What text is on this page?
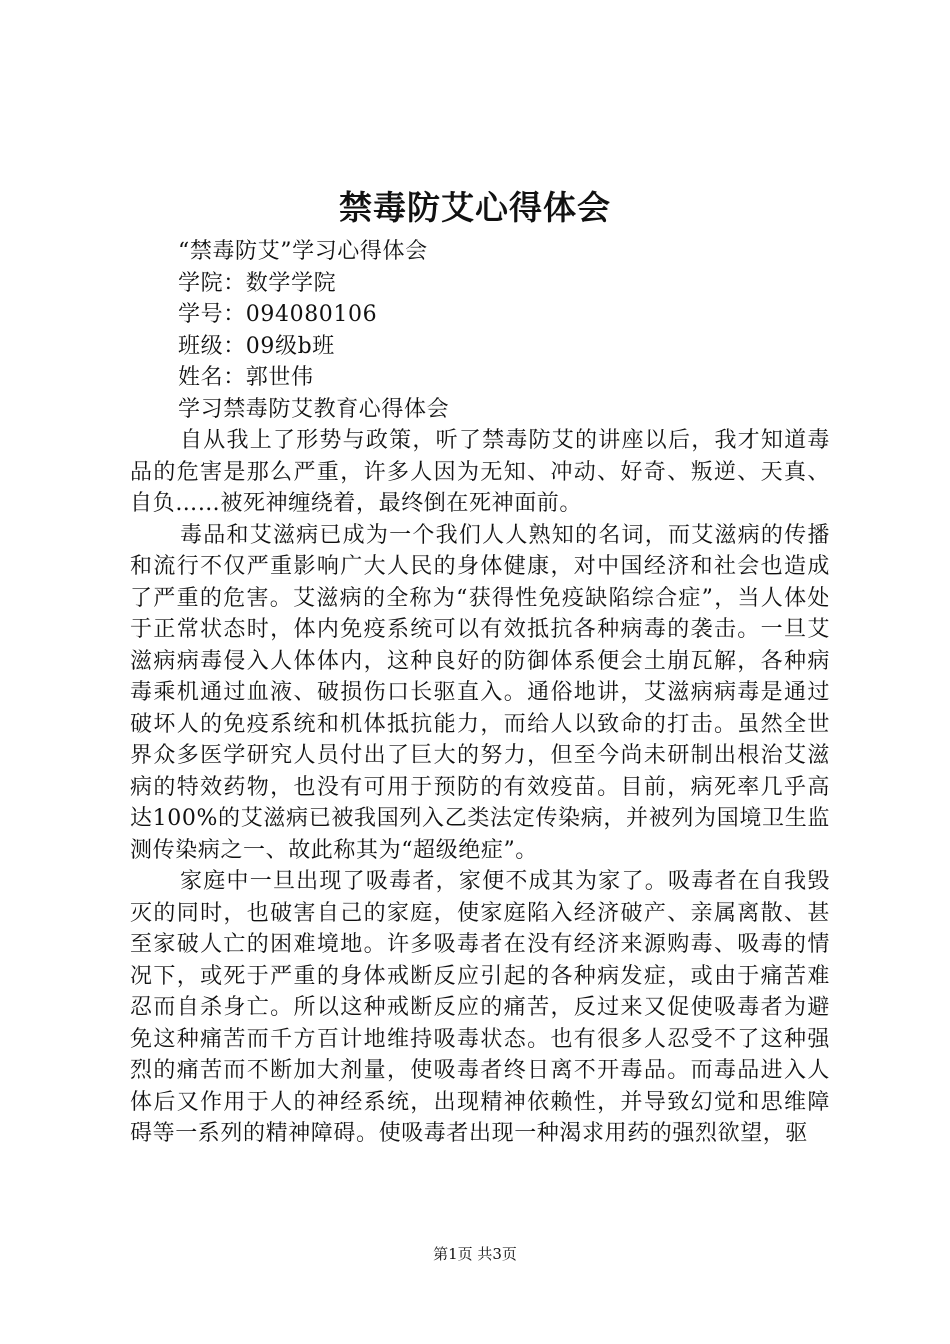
禁毒防艾心得体会

“禁毒防艾”学习心得体会

学院：数学学院

学号：094080106

班级：09级b班

姓名：郭世伟

学习禁毒防艾教育心得体会

自从我上了形势与政策，听了禁毒防艾的讲座以后，我才知道毒品的危害是那么严重，许多人因为无知、冲动、好奇、叛逆、天真、自负……被死神缠绕着，最终倒在死神面前。

毒品和艾滋病已成为一个我们人人熟知的名词，而艾滋病的传播和流行不仅严重影响广大人民的身体健康，对中国经济和社会也造成了严重的危害。艾滋病的全称为“获得性免疫缺陷综合症”，当人体处于正常状态时，体内免疫系统可以有效抵抗各种病毒的袭击。一旦艾滋病病毒侵入人体体内，这种良好的防御体系便会土崩瓦解，各种病毒乘机通过血液、破损伤口长驱直入。通俗地讲，艾滋病病毒是通过破坏人的免疫系统和机体抵抗能力，而给人以致命的打击。虽然全世界众多医学研究人员付出了巨大的努力，但至今尚未研制出根治艾滋病的特效药物，也没有可用于预防的有效疫苗。目前，病死率几乎高达100%的艾滋病已被我国列入乙类法定传染病，并被列为国境卫生监测传染病之一、故此称其为“超级绝症”。

家庭中一旦出现了吸毒者，家便不成其为家了。吸毒者在自我毁灭的同时，也破害自己的家庭，使家庭陷入经济破产、亲属离散、甚至家破人亡的困难境地。许多吸毒者在没有经济来源购毒、吸毒的情况下，或死于严重的身体戒断反应引起的各种病发症，或由于痛苦难忍而自杀身亡。所以这种戒断反应的痛苦，反过来又促使吸毒者为避免这种痛苦而千方百计地维持吸毒状态。也有很多人忍受不了这种强烈的痛苦而不断加大剂量，使吸毒者终日离不开毒品。而毒品进入人体后又作用于人的神经系统，出现精神依赖性，并导致幻觉和思维障碍等一系列的精神障碍。使吸毒者出现一种渴求用药的强烈欲望，驱

第1页 共3页
